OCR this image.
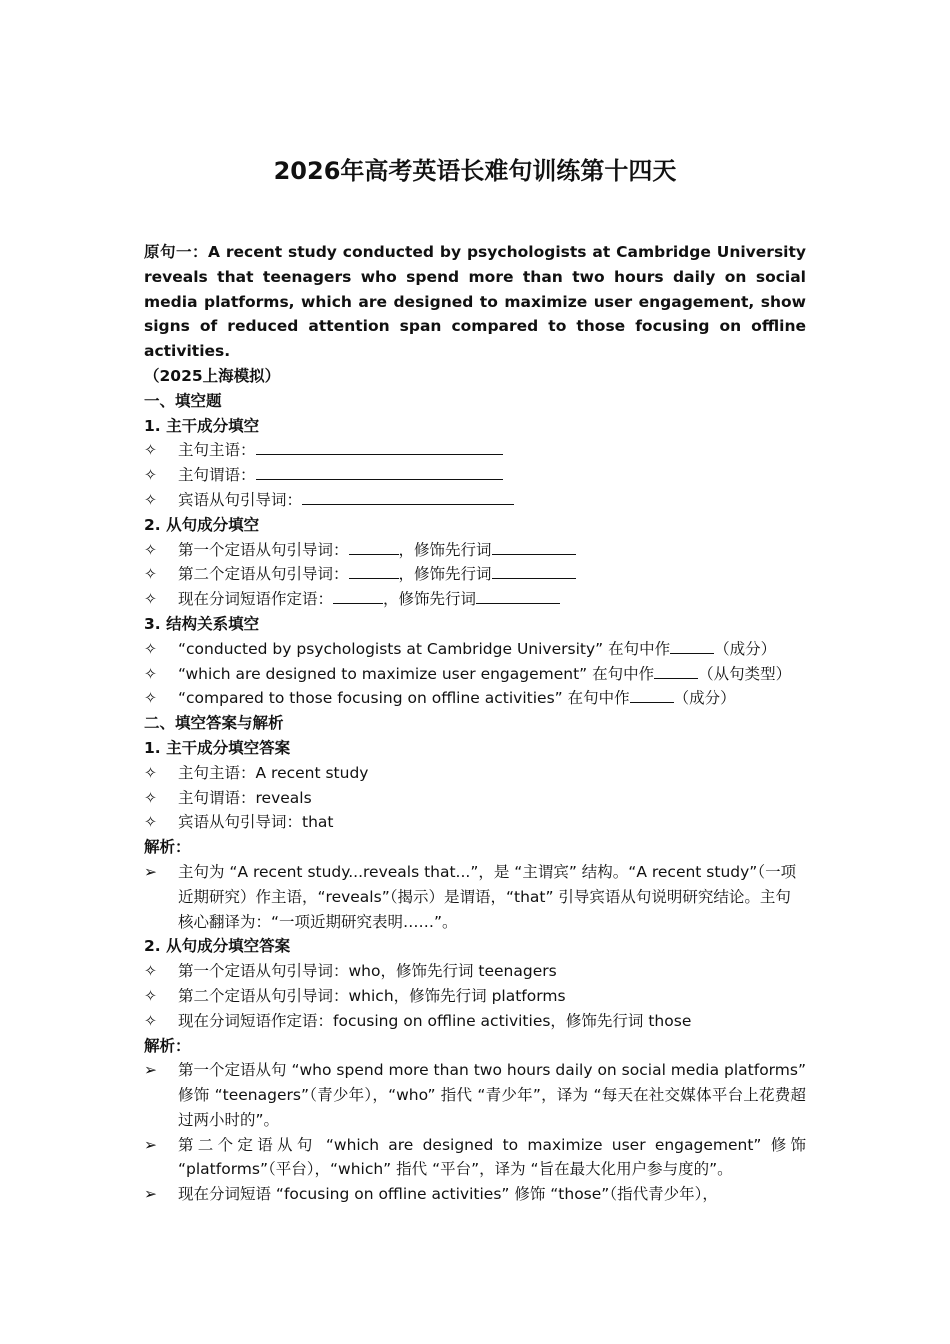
2026年高考英语长难句训练第十四天

原句一：A recent study conducted by psychologists at Cambridge University reveals that teenagers who spend more than two hours daily on social media platforms, which are designed to maximize user engagement, show signs of reduced attention span compared to those focusing on offline activities.
（2025上海模拟）

一、填空题

1. 主干成分填空

✧	主句主语：

✧	主句谓语：

✧	宾语从句引导词：

2. 从句成分填空

✧	第一个定语从句引导词：	，修饰先行词

✧	第二个定语从句引导词：	，修饰先行词

✧	现在分词短语作定语：	，修饰先行词

3. 结构关系填空

✧	“conducted by psychologists at Cambridge University” 在句中作	（成分）

✧	“which are designed to maximize user engagement” 在句中作	（从句类型）

✧	“compared to those focusing on offline activities” 在句中作	（成分）

二、填空答案与解析

1. 主干成分填空答案

✧	主句主语：A recent study

✧	主句谓语：reveals

✧	宾语从句引导词：that

解析：

➢	主句为 “A recent study...reveals that...”，是 “主谓宾” 结构。“A recent study”（一项近期研究）作主语，“reveals”（揭示）是谓语，“that” 引导宾语从句说明研究结论。主句核心翻译为：“一项近期研究表明……”。

2. 从句成分填空答案

✧	第一个定语从句引导词：who，修饰先行词 teenagers

✧	第二个定语从句引导词：which，修饰先行词 platforms

✧	现在分词短语作定语：focusing on offline activities，修饰先行词 those

解析：

➢	第一个定语从句 “who spend more than two hours daily on social media platforms” 修饰 “teenagers”（青少年），“who” 指代 “青少年”，译为 “每天在社交媒体平台上花费超过两小时的”。

➢	第二个定语从句 “which are designed to maximize user engagement” 修饰 “platforms”（平台），“which” 指代 “平台”，译为 “旨在最大化用户参与度的”。

➢	现在分词短语 “focusing on offline activities” 修饰 “those”（指代青少年），
